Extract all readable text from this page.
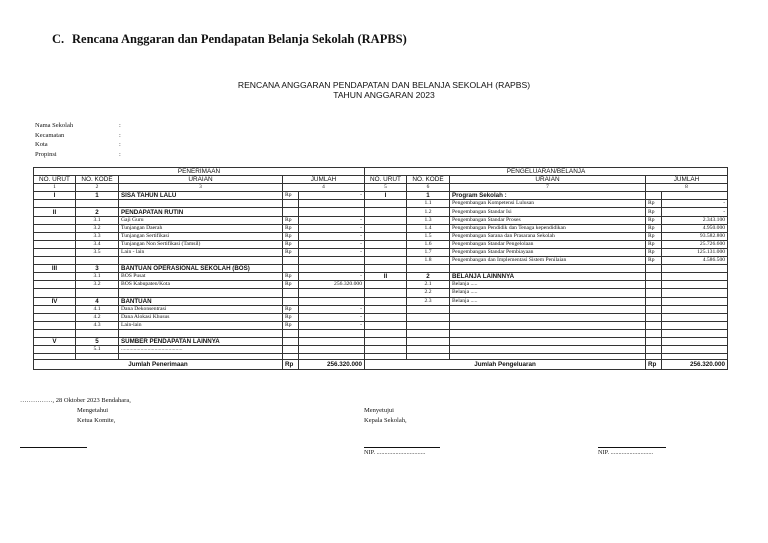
C. Rencana Anggaran dan Pendapatan Belanja Sekolah (RAPBS)
RENCANA ANGGARAN PENDAPATAN DAN BELANJA SEKOLAH (RAPBS)
TAHUN ANGGARAN 2023
Nama Sekolah	:
Kecamatan	:
Kota	:
Propinsi	:
PENERIMAAN					PENGELUARAN/BELANJA				
NO. URUT	NO. KODE	URAIAN	JUMLAH		NO. URUT	NO. KODE	URAIAN	JUMLAH	
1	2	3	4		5	6	7	8	
I	1	SISA TAHUN LALU	Rp	-	I	1	Program Sekolah :		
						1.1	Pengembangan Kompetensi Lulusan	Rp	-
II	2	PENDAPATAN RUTIN				1.2	Pengembangan Standar Isi	Rp	-
	3.1	Gaji Guru	Rp	-		1.3	Pengembangan Standar Proses	Rp	2.343.100
	3.2	Tunjangan Daerah	Rp	-		1.4	Pengembangan Pendidik dan Tenaga kependidikan	Rp	4.950.000
	3.3	Tunjangan Sertifikasi	Rp	-		1.5	Pengembangan Sarana dan Prasarana Sekolah	Rp	93.582.800
	3.4	Tunjangan Non Sertifikasi (Tamsil)	Rp	-		1.6	Pengembangan Standar Pengelolaan	Rp	25.726.600
	3.5	Lain - lain	Rp	-		1.7	Pengembangan Standar Pembiayaan	Rp	125.131.000
						1.8	Pengembangan dan Implementasi Sistem Penilaian	Rp	4.586.500
III	3	BANTUAN OPERASIONAL SEKOLAH (BOS)							
	3.1	BOS Pusat	Rp	-	II	2	BELANJA LAINNNYA		
	3.2	BOS Kabupaten/Kota	Rp	256.320.000		2.1	Belanja .....		
						2.2	Belanja .....		
IV	4	BANTUAN				2.3	Belanja .....		
	4.1	Dana Dekonsentrasi	Rp	-					
	4.2	Dana Alokasi Khusus	Rp	-					
	4.3	Lain-lain	Rp	-					

V	5	SUMBER PENDAPATAN LAINNYA							
	5.1	............................................							

Jumlah Penerimaan			Rp	256.320.000	Jumlah Pengeluaran			Rp	256.320.000
……………, 28 Oktober 2023 Bendahara,
Mengetahui
Ketua Komite,
Menyetujui
Kepala Sekolah,
NIP. ...............................	NIP. ...........................
